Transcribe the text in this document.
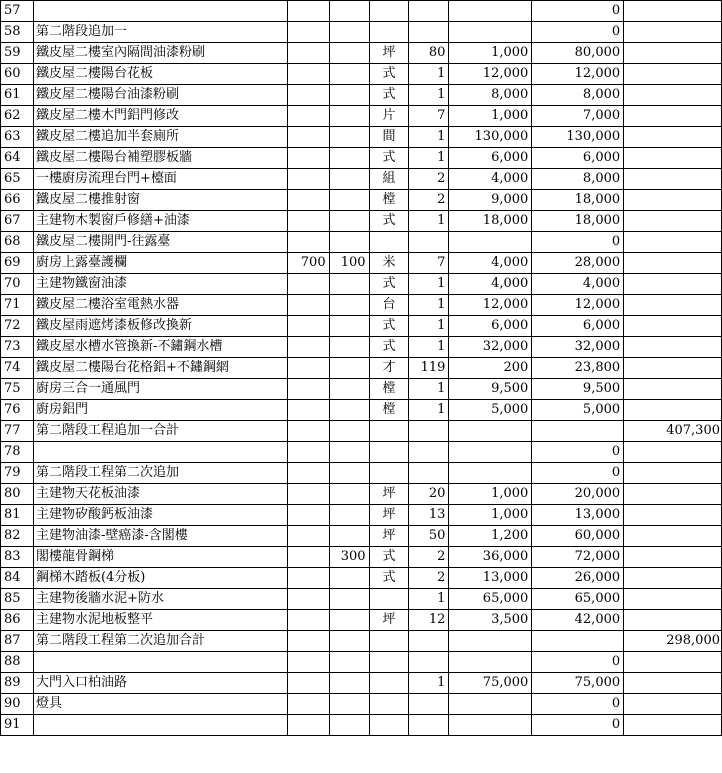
57							0	
58	第二階段追加一						0	
59	鐵皮屋二樓室內隔間油漆粉刷			坪	80	1,000	80,000	
60	鐵皮屋二樓陽台花板			式	1	12,000	12,000	
61	鐵皮屋二樓陽台油漆粉刷			式	1	8,000	8,000	
62	鐵皮屋二樓木門鋁門修改			片	7	1,000	7,000	
63	鐵皮屋二樓追加半套廁所			間	1	130,000	130,000	
64	鐵皮屋二樓陽台補塑膠板牆			式	1	6,000	6,000	
65	一樓廚房流理台門+檯面			組	2	4,000	8,000	
66	鐵皮屋二樓推射窗			樘	2	9,000	18,000	
67	主建物木製窗戶修繕+油漆			式	1	18,000	18,000	
68	鐵皮屋二樓開門-往露臺						0	
69	廚房上露臺護欄	700	100	米	7	4,000	28,000	
70	主建物鐵窗油漆			式	1	4,000	4,000	
71	鐵皮屋二樓浴室電熱水器			台	1	12,000	12,000	
72	鐵皮屋雨遮烤漆板修改換新			式	1	6,000	6,000	
73	鐵皮屋水槽水管換新-不鏽鋼水槽			式	1	32,000	32,000	
74	鐵皮屋二樓陽台花格鋁+不鏽鋼網			才	119	200	23,800	
75	廚房三合一通風門			樘	1	9,500	9,500	
76	廚房鋁門			樘	1	5,000	5,000	
77	第二階段工程追加一合計							407,300
78							0	
79	第二階段工程第二次追加						0	
80	主建物天花板油漆			坪	20	1,000	20,000	
81	主建物矽酸鈣板油漆			坪	13	1,000	13,000	
82	主建物油漆-壁癌漆-含閣樓			坪	50	1,200	60,000	
83	閣樓龍骨鋼梯		300	式	2	36,000	72,000	
84	鋼梯木踏板(4分板)			式	2	13,000	26,000	
85	主建物後牆水泥+防水				1	65,000	65,000	
86	主建物水泥地板整平			坪	12	3,500	42,000	
87	第二階段工程第二次追加合計							298,000
88							0	
89	大門入口柏油路				1	75,000	75,000	
90	燈具						0	
91							0	
